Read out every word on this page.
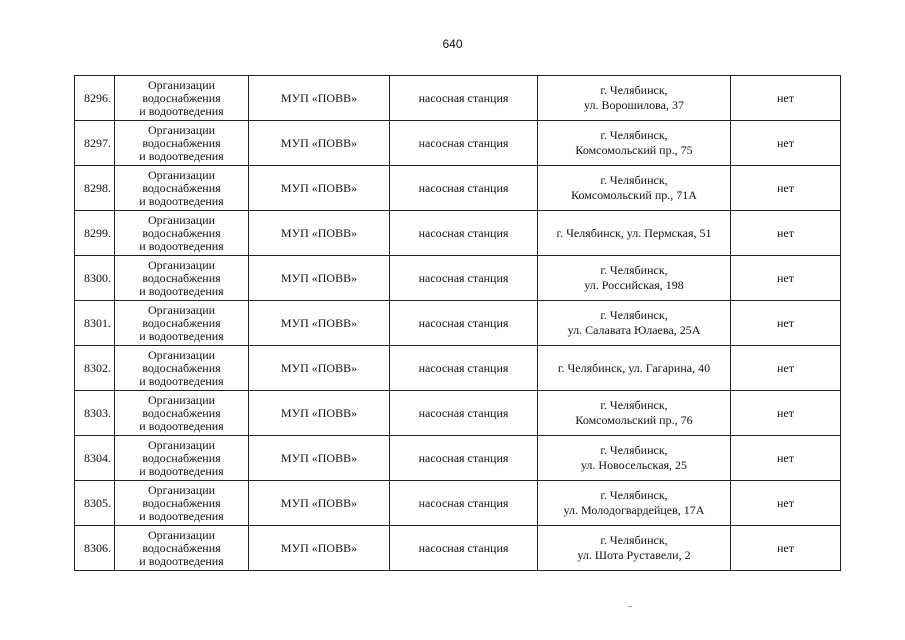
640
8296.	Организации
водоснабжения
и водоотведения	МУП «ПОВВ»	насосная станция	г. Челябинск,
ул. Ворошилова, 37	нет
8297.	Организации
водоснабжения
и водоотведения	МУП «ПОВВ»	насосная станция	г. Челябинск,
Комсомольский пр., 75	нет
8298.	Организации
водоснабжения
и водоотведения	МУП «ПОВВ»	насосная станция	г. Челябинск,
Комсомольский пр., 71А	нет
8299.	Организации
водоснабжения
и водоотведения	МУП «ПОВВ»	насосная станция	г. Челябинск, ул. Пермская, 51	нет
8300.	Организации
водоснабжения
и водоотведения	МУП «ПОВВ»	насосная станция	г. Челябинск,
ул. Российская, 198	нет
8301.	Организации
водоснабжения
и водоотведения	МУП «ПОВВ»	насосная станция	г. Челябинск,
ул. Салавата Юлаева, 25А	нет
8302.	Организации
водоснабжения
и водоотведения	МУП «ПОВВ»	насосная станция	г. Челябинск, ул. Гагарина, 40	нет
8303.	Организации
водоснабжения
и водоотведения	МУП «ПОВВ»	насосная станция	г. Челябинск,
Комсомольский пр., 76	нет
8304.	Организации
водоснабжения
и водоотведения	МУП «ПОВВ»	насосная станция	г. Челябинск,
ул. Новосельская, 25	нет
8305.	Организации
водоснабжения
и водоотведения	МУП «ПОВВ»	насосная станция	г. Челябинск,
ул. Молодогвардейцев, 17А	нет
8306.	Организации
водоснабжения
и водоотведения	МУП «ПОВВ»	насосная станция	г. Челябинск,
ул. Шота Руставели, 2	нет
